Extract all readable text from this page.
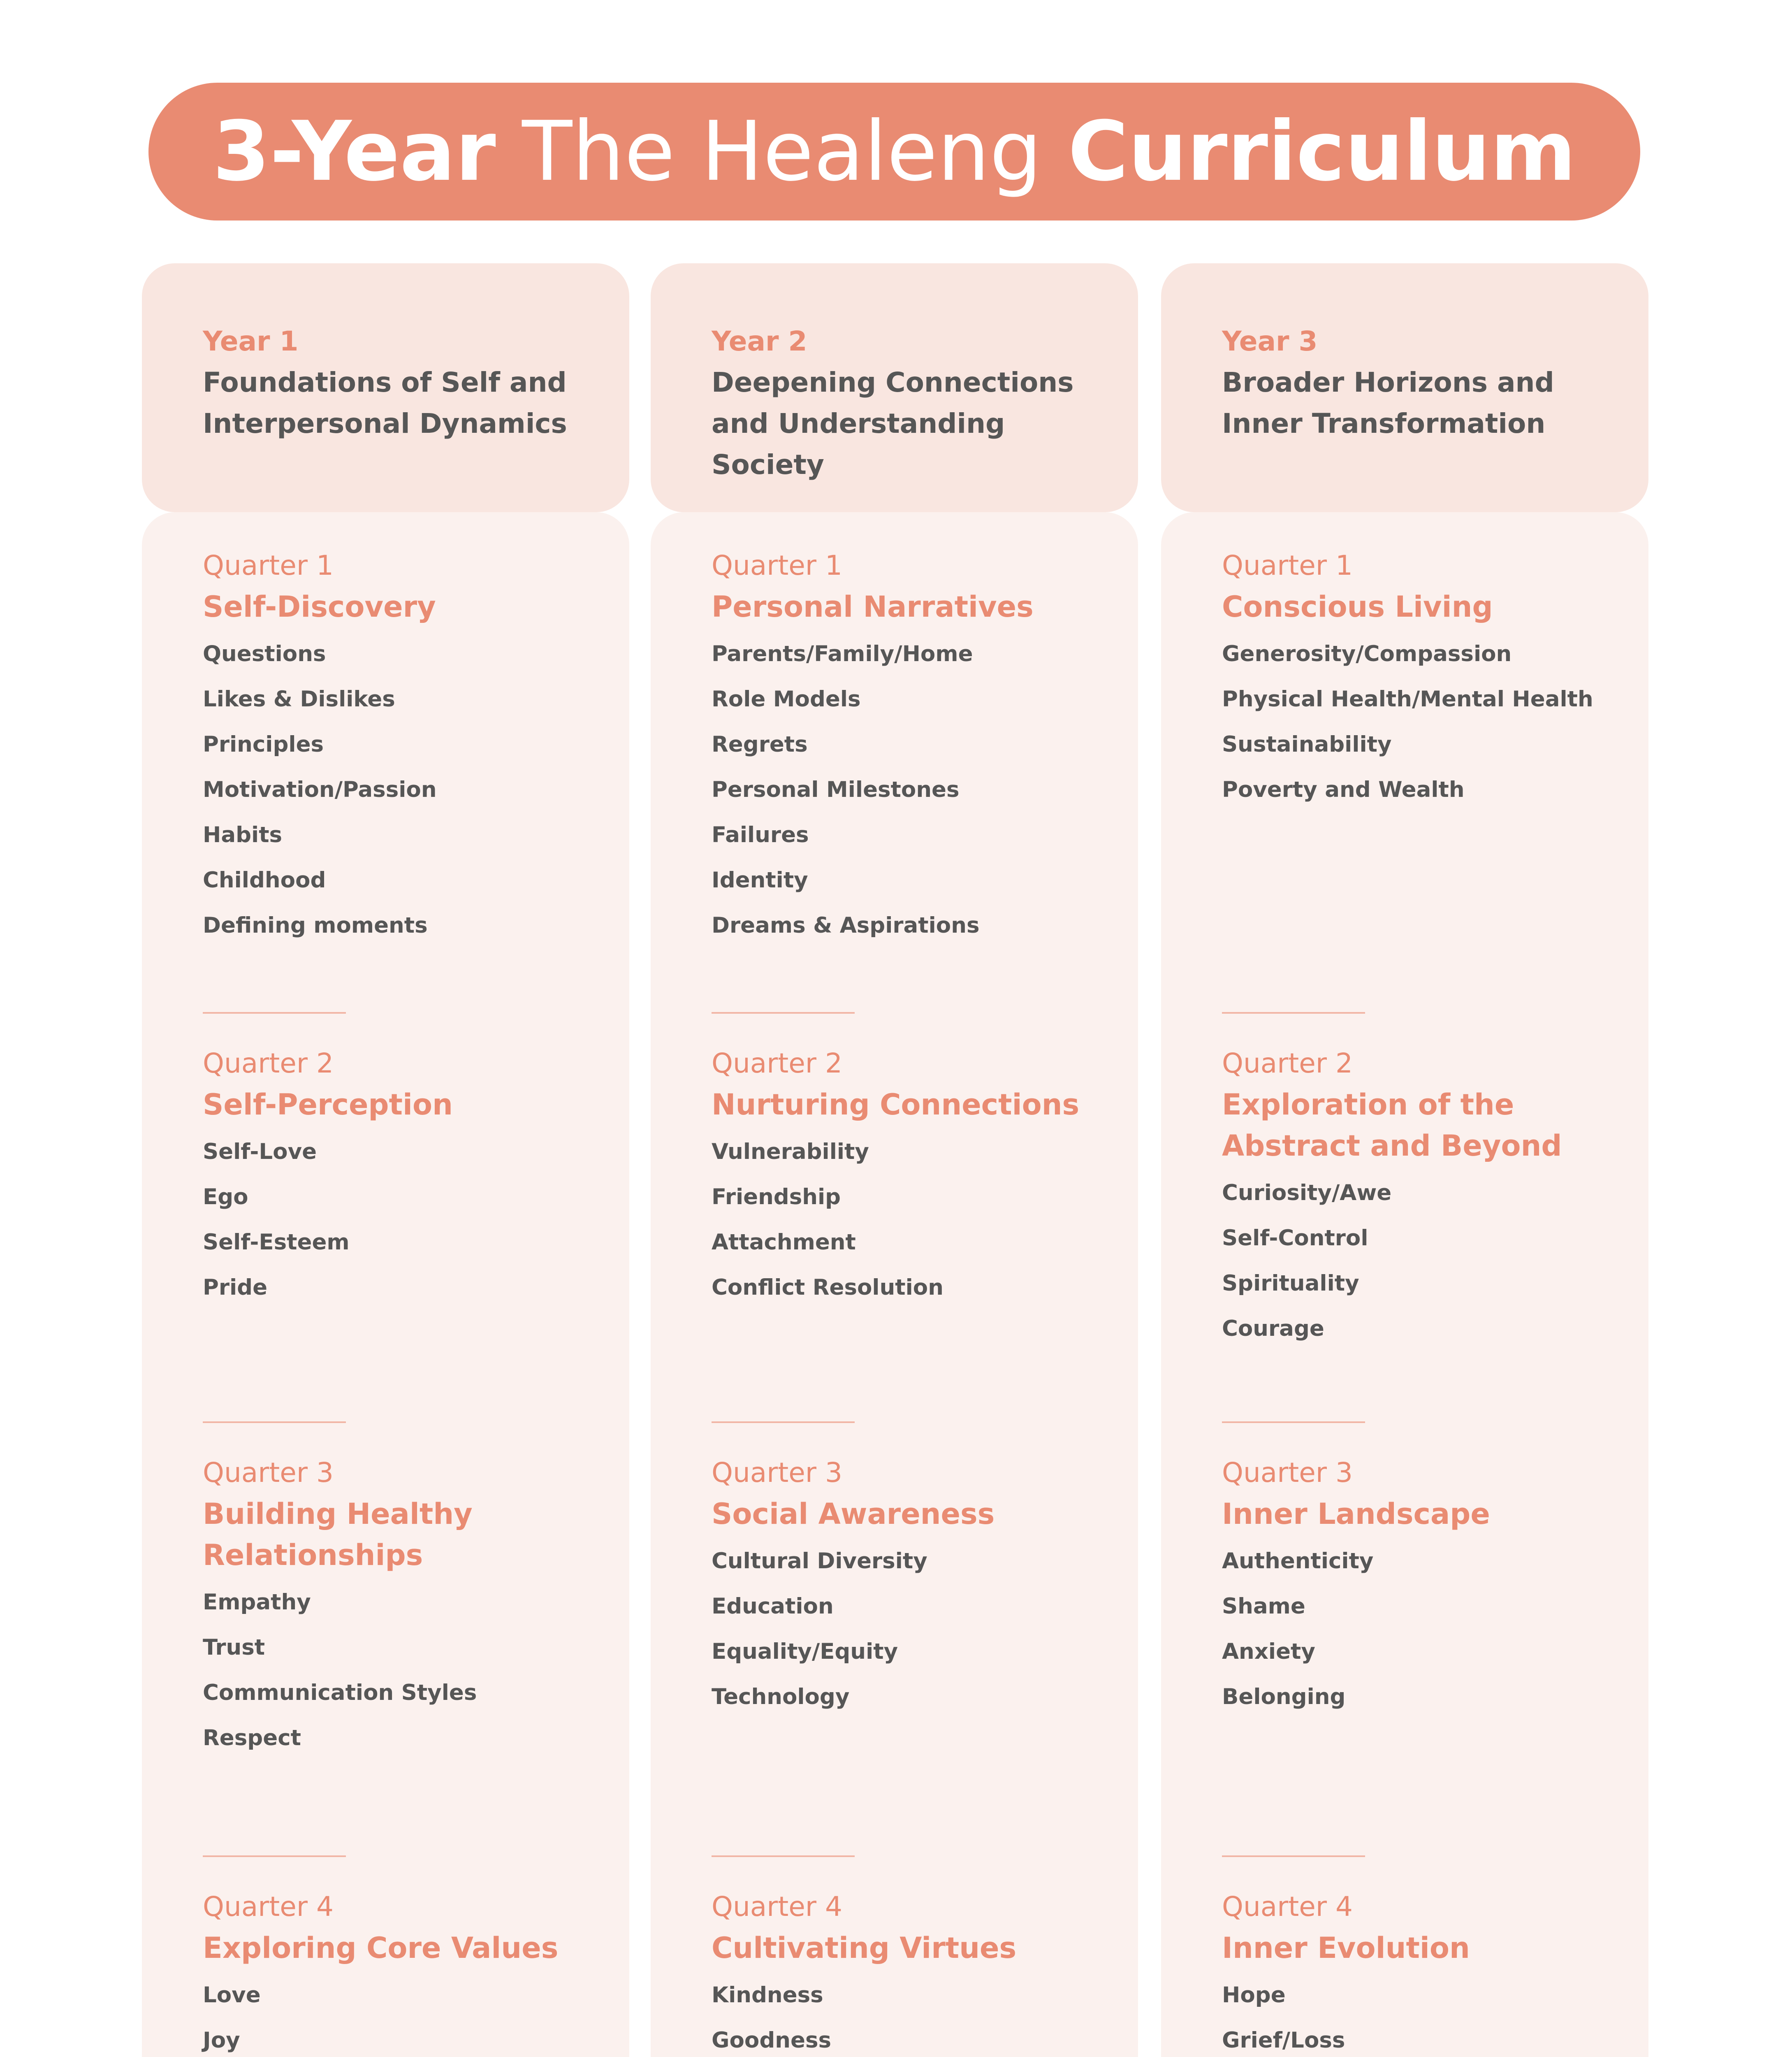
3-Year The Healeng Curriculum
Year 1
Foundations of Self and
Interpersonal Dynamics
Quarter 1
Self-Discovery
Questions
Likes & Dislikes
Principles
Motivation/Passion
Habits
Childhood
Defining moments
Quarter 2
Self-Perception
Self-Love
Ego
Self-Esteem
Pride
Quarter 3
Building Healthy
Relationships
Empathy
Trust
Communication Styles
Respect
Quarter 4
Exploring Core Values
Love
Joy
Year 2
Deepening Connections
and Understanding Society
Quarter 1
Personal Narratives
Parents/Family/Home
Role Models
Regrets
Personal Milestones
Failures
Identity
Dreams & Aspirations
Quarter 2
Nurturing Connections
Vulnerability
Friendship
Attachment
Conflict Resolution
Quarter 3
Social Awareness
Cultural Diversity
Education
Equality/Equity
Technology
Quarter 4
Cultivating Virtues
Kindness
Goodness
Year 3
Broader Horizons and
Inner Transformation
Quarter 1
Conscious Living
Generosity/Compassion
Physical Health/Mental Health
Sustainability
Poverty and Wealth
Quarter 2
Exploration of the
Abstract and Beyond
Curiosity/Awe
Self-Control
Spirituality
Courage
Quarter 3
Inner Landscape
Authenticity
Shame
Anxiety
Belonging
Quarter 4
Inner Evolution
Hope
Grief/Loss
